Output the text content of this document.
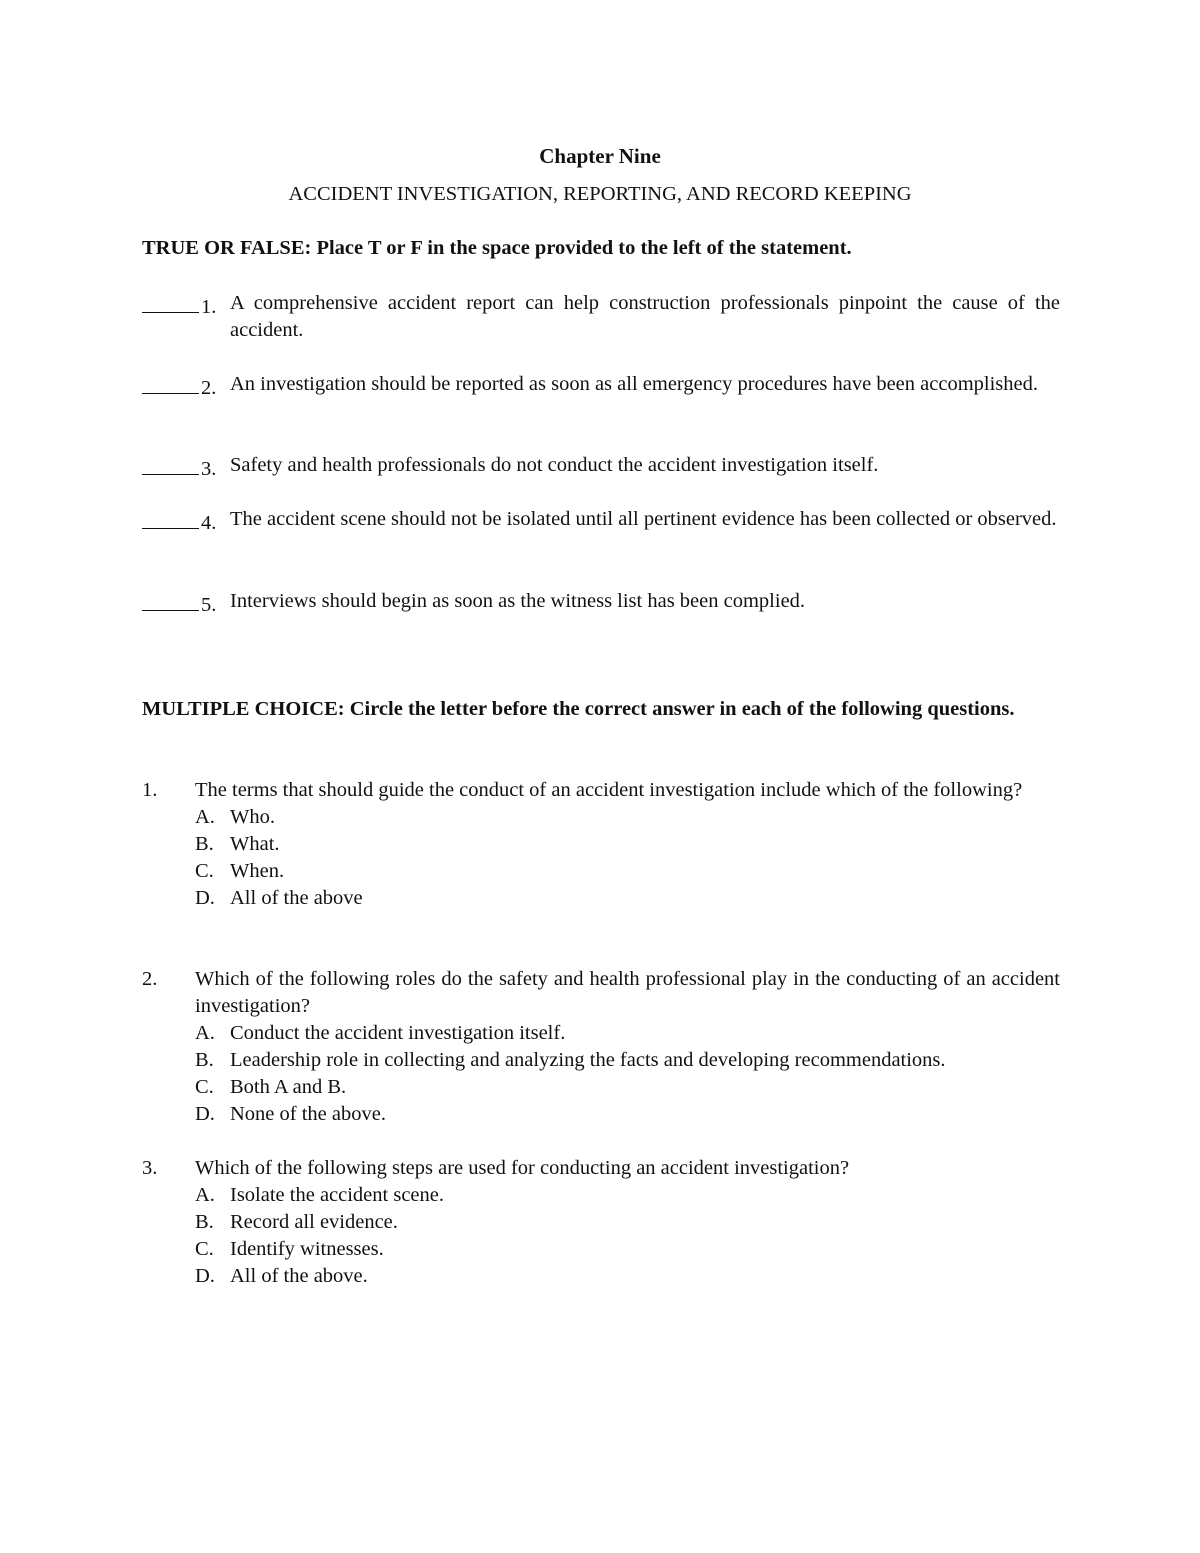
Chapter Nine
ACCIDENT INVESTIGATION, REPORTING, AND RECORD KEEPING
TRUE OR FALSE: Place T or F in the space provided to the left of the statement.
1. A comprehensive accident report can help construction professionals pinpoint the cause of the accident.
2. An investigation should be reported as soon as all emergency procedures have been accomplished.
3. Safety and health professionals do not conduct the accident investigation itself.
4. The accident scene should not be isolated until all pertinent evidence has been collected or observed.
5. Interviews should begin as soon as the witness list has been complied.
MULTIPLE CHOICE: Circle the letter before the correct answer in each of the following questions.
1. The terms that should guide the conduct of an accident investigation include which of the following?
A. Who.
B. What.
C. When.
D. All of the above
2. Which of the following roles do the safety and health professional play in the conducting of an accident investigation?
A. Conduct the accident investigation itself.
B. Leadership role in collecting and analyzing the facts and developing recommendations.
C. Both A and B.
D. None of the above.
3. Which of the following steps are used for conducting an accident investigation?
A. Isolate the accident scene.
B. Record all evidence.
C. Identify witnesses.
D. All of the above.
